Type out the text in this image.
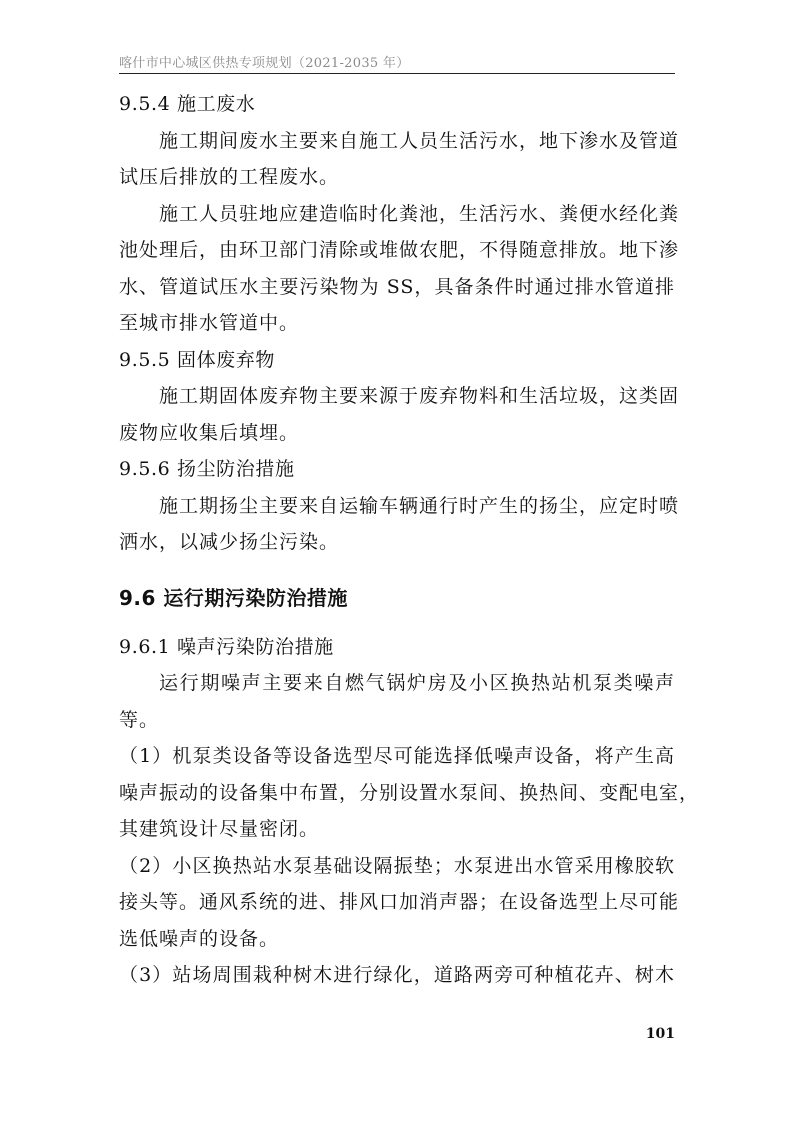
喀什市中心城区供热专项规划（2021-2035 年）
9.5.4 施工废水
施工期间废水主要来自施工人员生活污水，地下渗水及管道
试压后排放的工程废水。
施工人员驻地应建造临时化粪池，生活污水、粪便水经化粪
池处理后，由环卫部门清除或堆做农肥，不得随意排放。地下渗
水、管道试压水主要污染物为 SS，具备条件时通过排水管道排
至城市排水管道中。
9.5.5 固体废弃物
施工期固体废弃物主要来源于废弃物料和生活垃圾，这类固
废物应收集后填埋。
9.5.6 扬尘防治措施
施工期扬尘主要来自运输车辆通行时产生的扬尘，应定时喷
洒水，以减少扬尘污染。
9.6 运行期污染防治措施
9.6.1 噪声污染防治措施
运行期噪声主要来自燃气锅炉房及小区换热站机泵类噪声
等。
（1）机泵类设备等设备选型尽可能选择低噪声设备，将产生高
噪声振动的设备集中布置，分别设置水泵间、换热间、变配电室，
其建筑设计尽量密闭。
（2）小区换热站水泵基础设隔振垫；水泵进出水管采用橡胶软
接头等。通风系统的进、排风口加消声器；在设备选型上尽可能
选低噪声的设备。
（3）站场周围栽种树木进行绿化，道路两旁可种植花卉、树木
101
